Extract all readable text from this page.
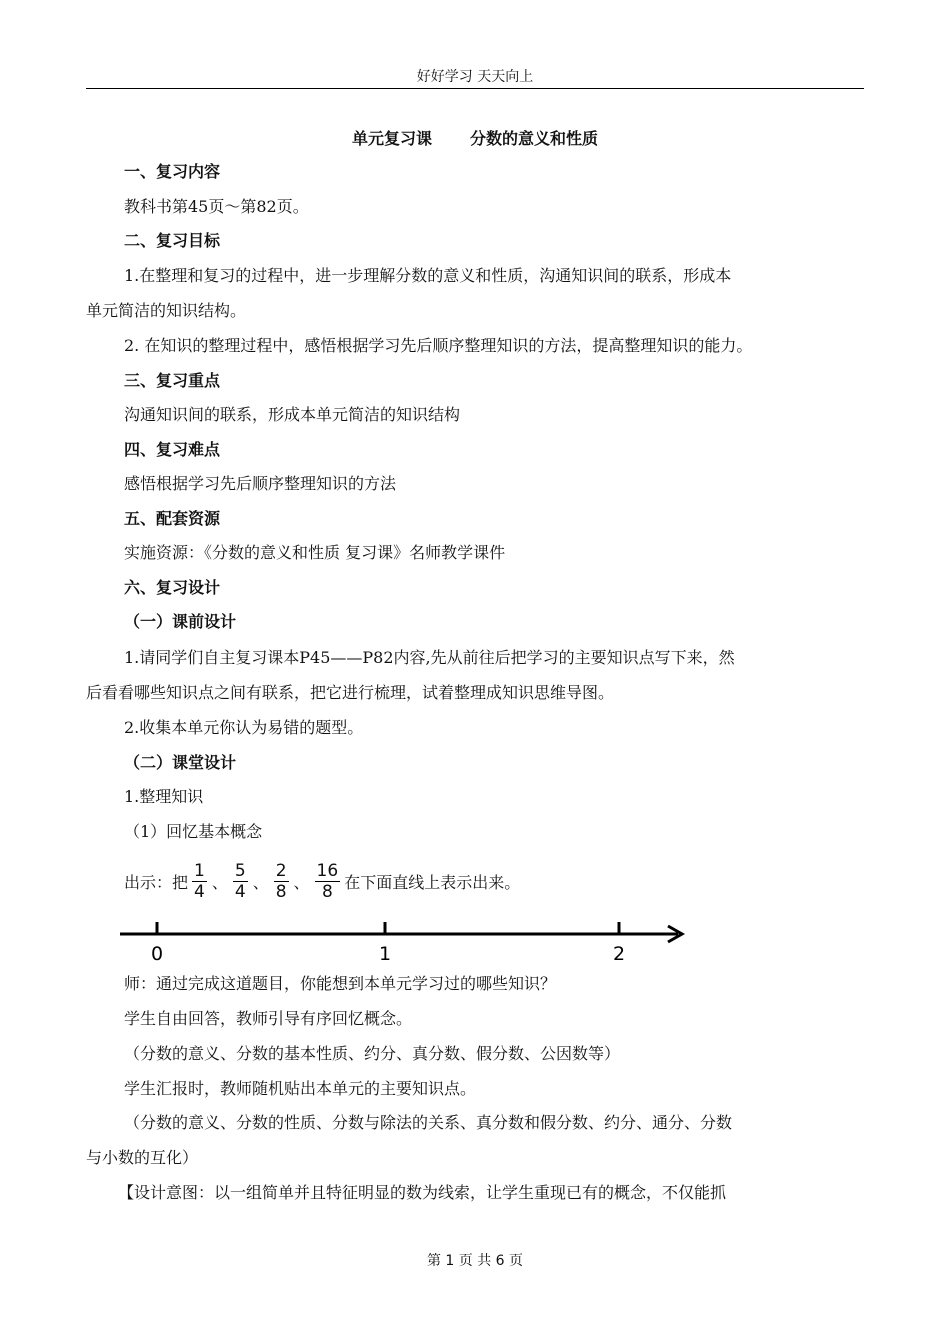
好好学习 天天向上
单元复习课 分数的意义和性质
一、复习内容
教科书第45页～第82页。
二、复习目标
1.在整理和复习的过程中，进一步理解分数的意义和性质，沟通知识间的联系，形成本
单元简洁的知识结构。
2. 在知识的整理过程中，感悟根据学习先后顺序整理知识的方法，提高整理知识的能力。
三、复习重点
沟通知识间的联系，形成本单元简洁的知识结构
四、复习难点
感悟根据学习先后顺序整理知识的方法
五、配套资源
实施资源：《分数的意义和性质 复习课》名师教学课件
六、复习设计
（一）课前设计
1.请同学们自主复习课本P45——P82内容,先从前往后把学习的主要知识点写下来，然
后看看哪些知识点之间有联系，把它进行梳理，试着整理成知识思维导图。
2.收集本单元你认为易错的题型。
（二）课堂设计
1.整理知识
（1）回忆基本概念
出示：把 $\frac{1}{4}$ 、 $\frac{5}{4}$ 、 $\frac{2}{8}$ 、 $\frac{16}{8}$ 在下面直线上表示出来。
0	1	2
师：通过完成这道题目，你能想到本单元学习过的哪些知识？
学生自由回答，教师引导有序回忆概念。
（分数的意义、分数的基本性质、约分、真分数、假分数、公因数等）
学生汇报时，教师随机贴出本单元的主要知识点。
（分数的意义、分数的性质、分数与除法的关系、真分数和假分数、约分、通分、分数
与小数的互化）
【设计意图：以一组简单并且特征明显的数为线索，让学生重现已有的概念，不仅能抓
第 1 页 共 6 页
